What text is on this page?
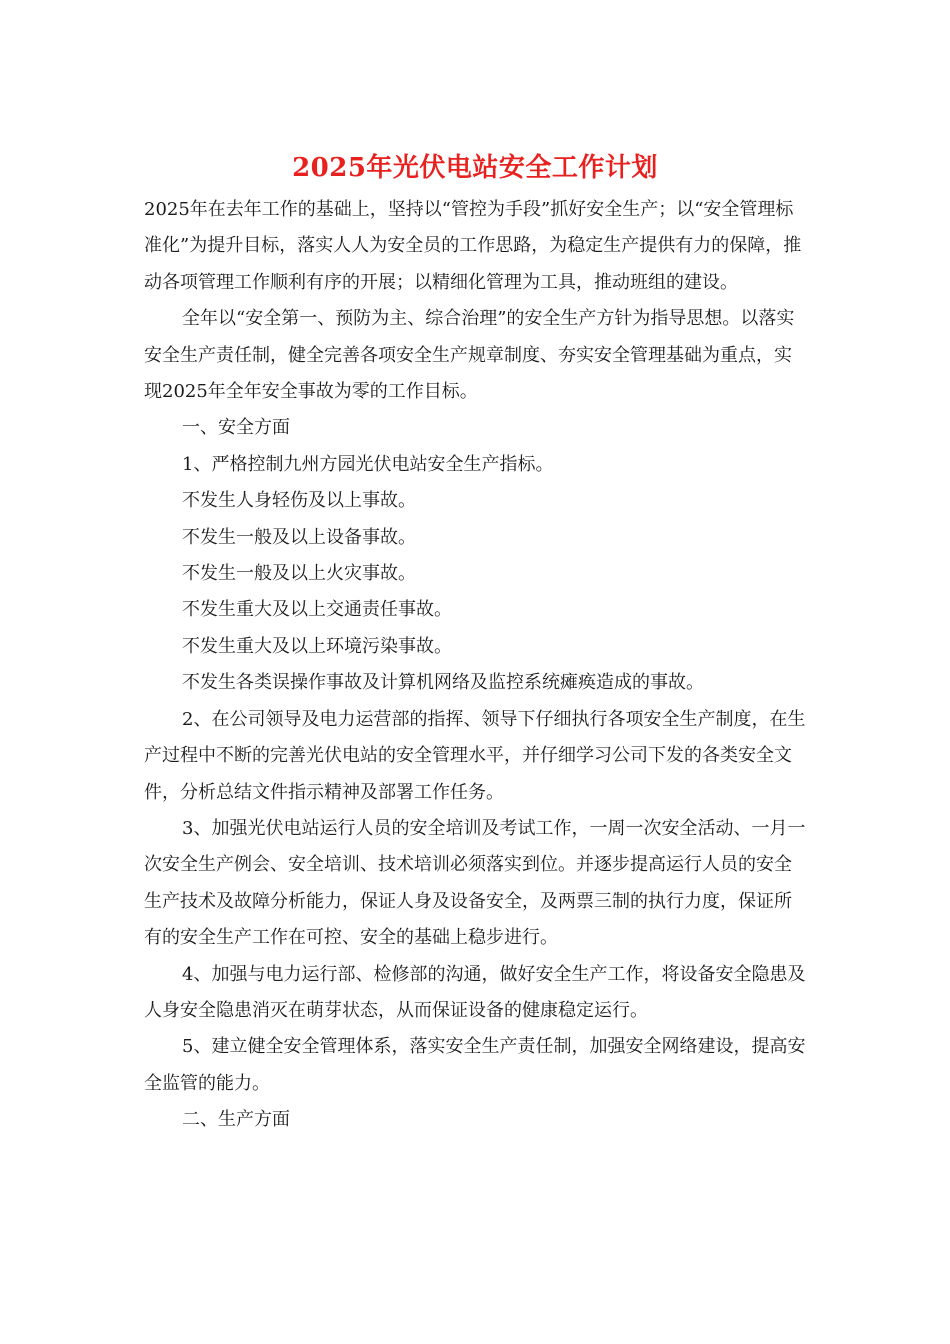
2025年光伏电站安全工作计划

2025年在去年工作的基础上，坚持以“管控为手段”抓好安全生产；以“安全管理标准化”为提升目标，落实人人为安全员的工作思路，为稳定生产提供有力的保障，推动各项管理工作顺利有序的开展；以精细化管理为工具，推动班组的建设。

全年以“安全第一、预防为主、综合治理”的安全生产方针为指导思想。以落实安全生产责任制，健全完善各项安全生产规章制度、夯实安全管理基础为重点，实现2025年全年安全事故为零的工作目标。

一、安全方面

1、严格控制九州方园光伏电站安全生产指标。

不发生人身轻伤及以上事故。

不发生一般及以上设备事故。

不发生一般及以上火灾事故。

不发生重大及以上交通责任事故。

不发生重大及以上环境污染事故。

不发生各类误操作事故及计算机网络及监控系统瘫痪造成的事故。

2、在公司领导及电力运营部的指挥、领导下仔细执行各项安全生产制度，在生产过程中不断的完善光伏电站的安全管理水平，并仔细学习公司下发的各类安全文件，分析总结文件指示精神及部署工作任务。

3、加强光伏电站运行人员的安全培训及考试工作，一周一次安全活动、一月一次安全生产例会、安全培训、技术培训必须落实到位。并逐步提高运行人员的安全生产技术及故障分析能力，保证人身及设备安全，及两票三制的执行力度，保证所有的安全生产工作在可控、安全的基础上稳步进行。

4、加强与电力运行部、检修部的沟通，做好安全生产工作，将设备安全隐患及人身安全隐患消灭在萌芽状态，从而保证设备的健康稳定运行。

5、建立健全安全管理体系，落实安全生产责任制，加强安全网络建设，提高安全监管的能力。

二、生产方面
